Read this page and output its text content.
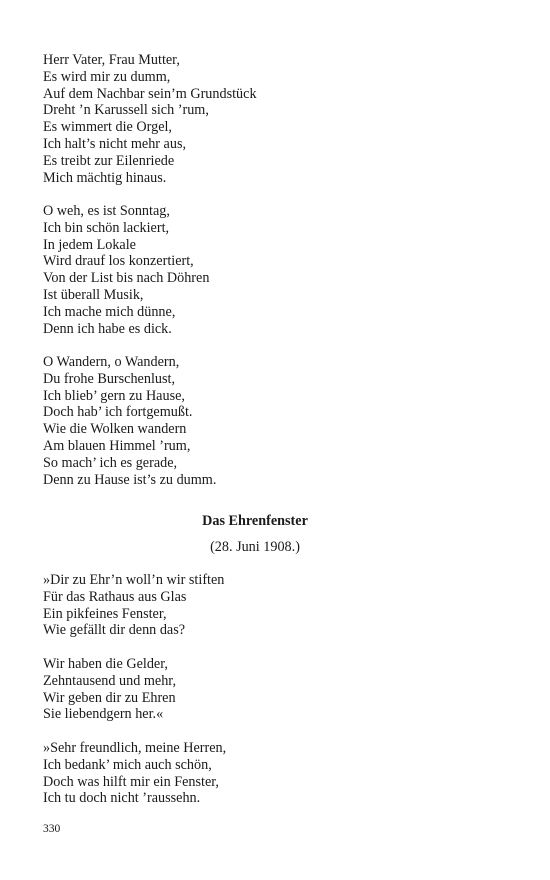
Herr Vater, Frau Mutter,
Es wird mir zu dumm,
Auf dem Nachbar sein’m Grundstück
Dreht ’n Karussell sich ’rum,
Es wimmert die Orgel,
Ich halt’s nicht mehr aus,
Es treibt zur Eilenriede
Mich mächtig hinaus.
O weh, es ist Sonntag,
Ich bin schön lackiert,
In jedem Lokale
Wird drauf los konzertiert,
Von der List bis nach Döhren
Ist überall Musik,
Ich mache mich dünne,
Denn ich habe es dick.
O Wandern, o Wandern,
Du frohe Burschenlust,
Ich blieb’ gern zu Hause,
Doch hab’ ich fortgemußt.
Wie die Wolken wandern
Am blauen Himmel ’rum,
So mach’ ich es gerade,
Denn zu Hause ist’s zu dumm.
Das Ehrenfenster
(28. Juni 1908.)
»Dir zu Ehr’n woll’n wir stiften
Für das Rathaus aus Glas
Ein pikfeines Fenster,
Wie gefällt dir denn das?
Wir haben die Gelder,
Zehntausend und mehr,
Wir geben dir zu Ehren
Sie liebendgern her.«
»Sehr freundlich, meine Herren,
Ich bedank’ mich auch schön,
Doch was hilft mir ein Fenster,
Ich tu doch nicht ’raussehn.
330
